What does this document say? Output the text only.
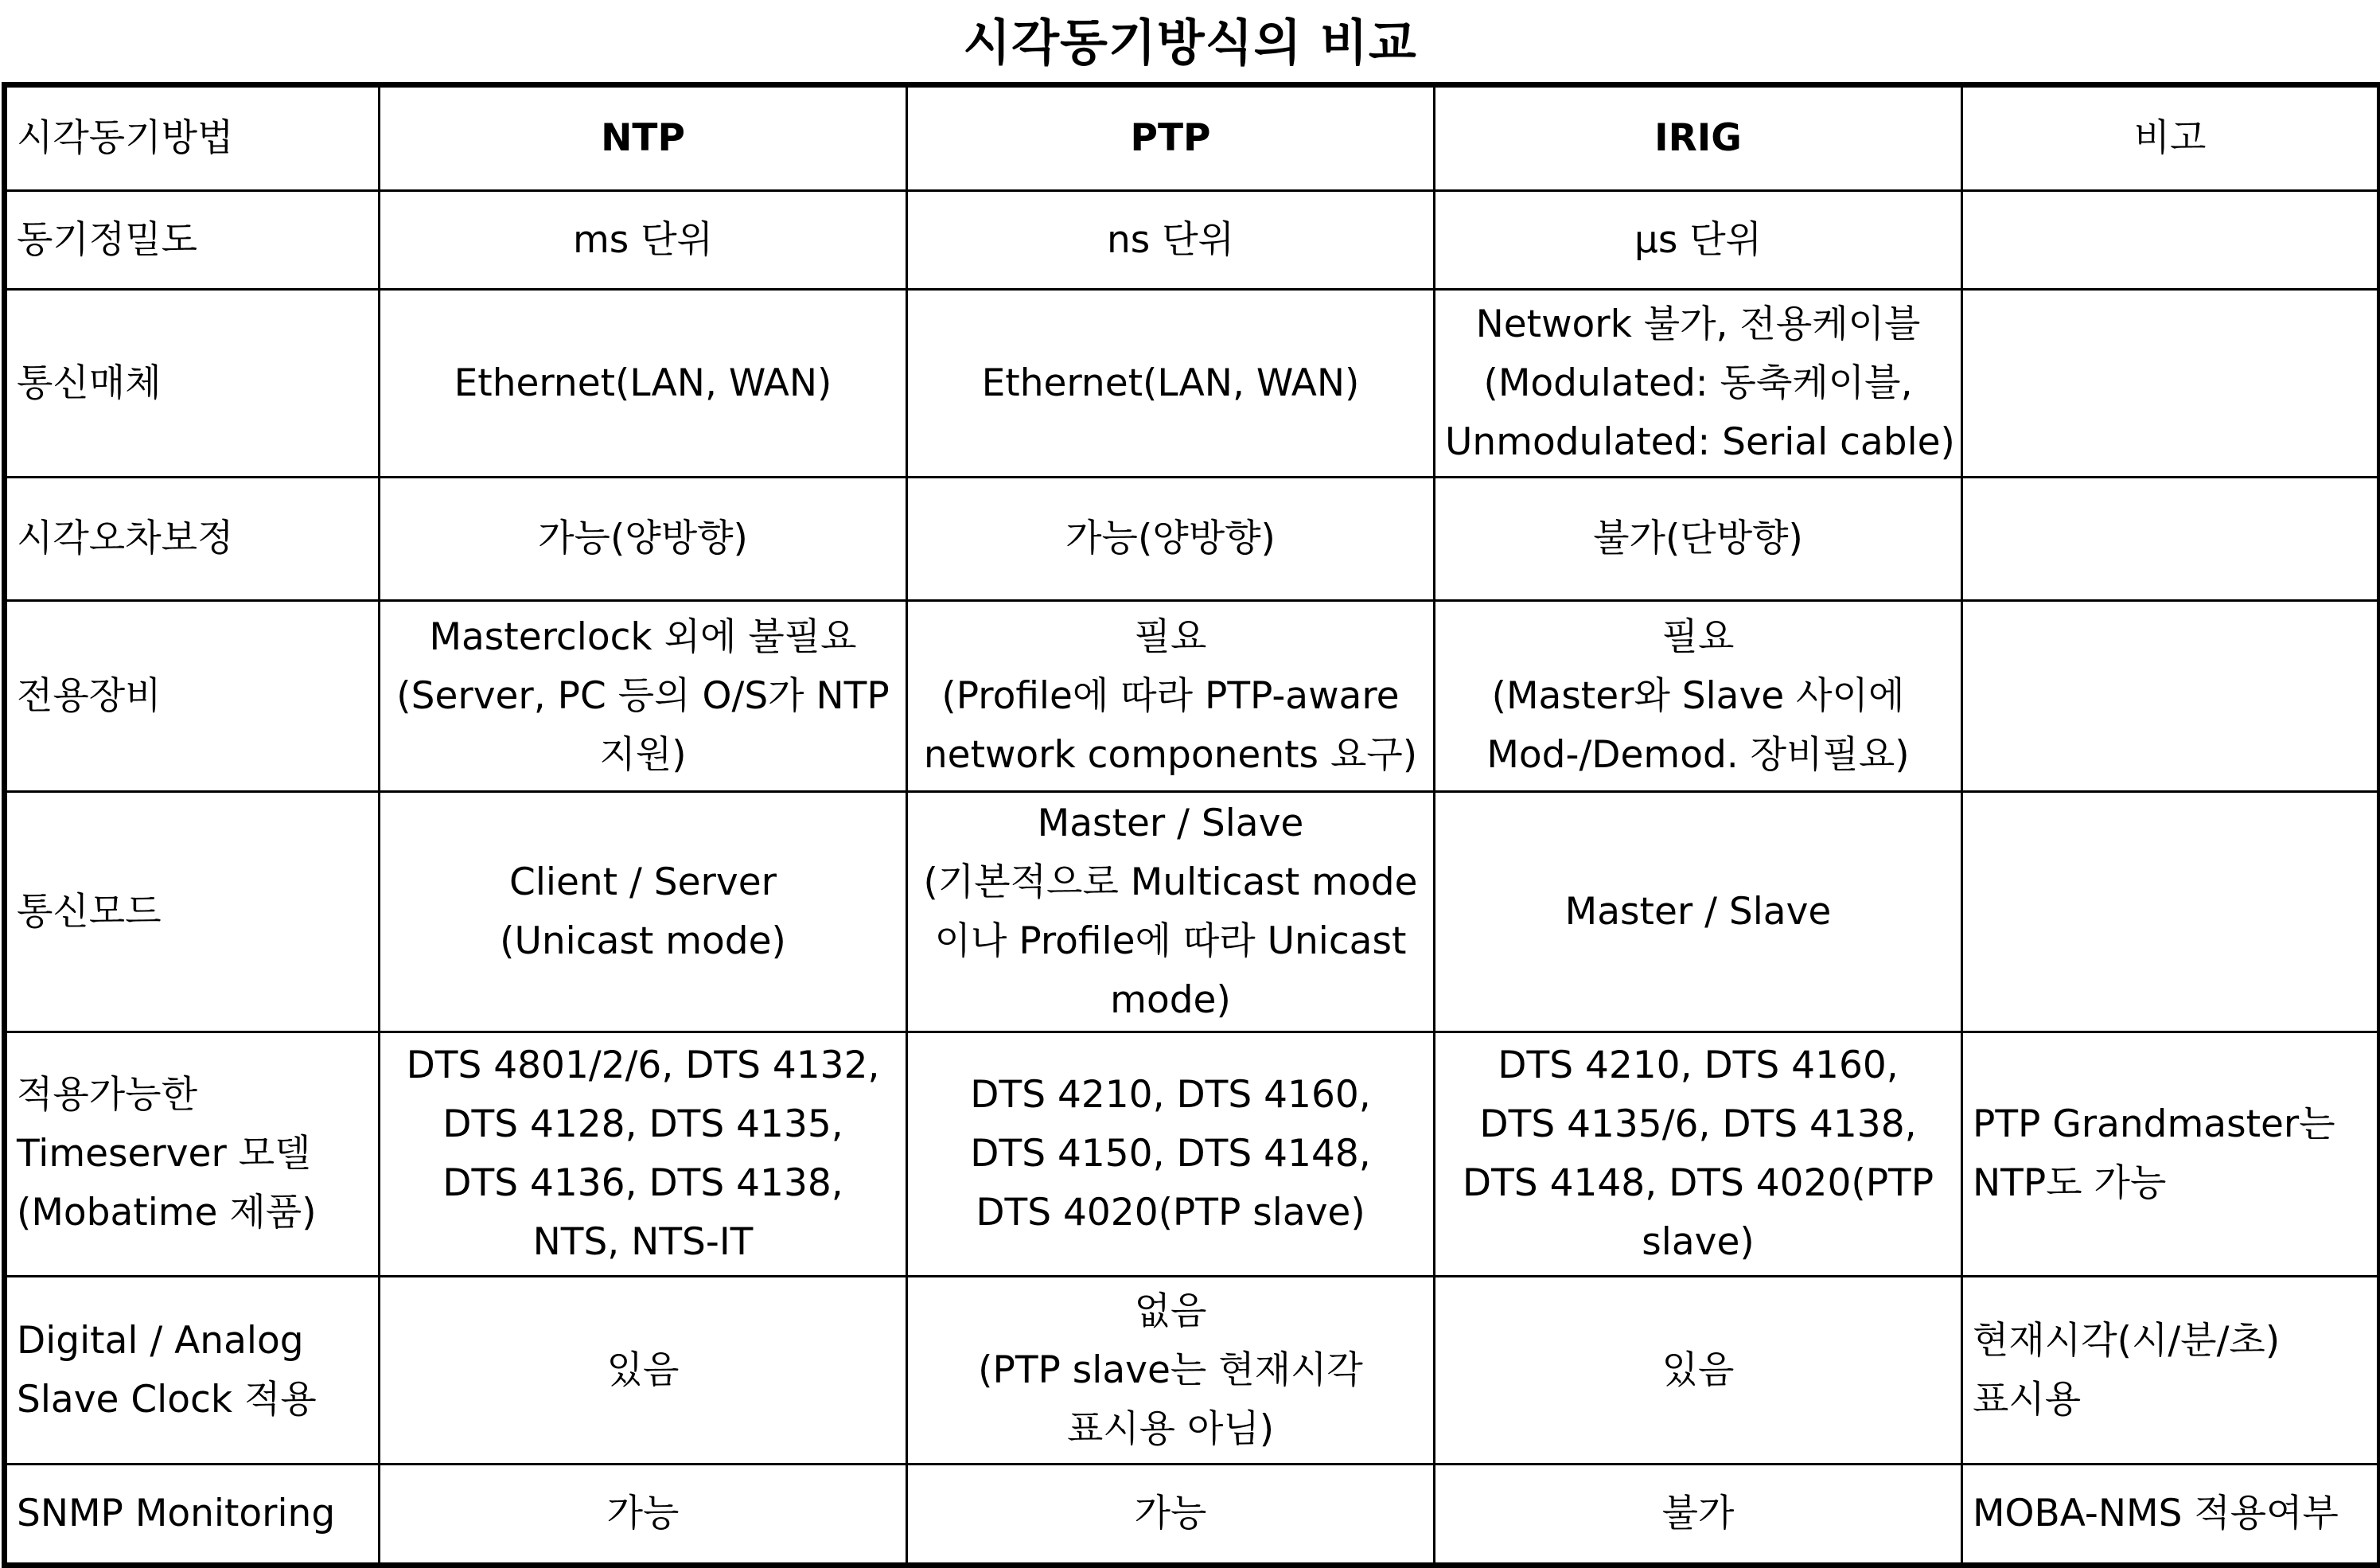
시각동기방식의 비교
시각동기방법	NTP	PTP	IRIG	비고

동기정밀도	ms 단위	ns 단위	µs 단위	

통신매체	Ethernet(LAN, WAN)	Ethernet(LAN, WAN)	Network 불가, 전용케이블
(Modulated: 동축케이블,
Unmodulated: Serial cable)	

시각오차보정	가능(양방향)	가능(양방향)	불가(단방향)	

전용장비	Masterclock 외에 불필요
(Server, PC 등의 O/S가 NTP
지원)	필요
(Profile에 따라 PTP-aware
network components 요구)	필요
(Master와 Slave 사이에
Mod-/Demod. 장비필요)	

통신모드	Client / Server
(Unicast mode)	Master / Slave
(기본적으로 Multicast mode
이나 Profile에 따라 Unicast
mode)	Master / Slave	

적용가능한
Timeserver 모델
(Mobatime 제품)	DTS 4801/2/6, DTS 4132,
DTS 4128, DTS 4135,
DTS 4136, DTS 4138,
NTS, NTS-IT	DTS 4210, DTS 4160,
DTS 4150, DTS 4148,
DTS 4020(PTP slave)	DTS 4210, DTS 4160,
DTS 4135/6, DTS 4138,
DTS 4148, DTS 4020(PTP
slave)	PTP Grandmaster는
NTP도 가능

Digital / Analog
Slave Clock 적용	있음	없음
(PTP slave는 현재시각
표시용 아님)	있음	현재시각(시/분/초)
표시용

SNMP Monitoring	가능	가능	불가	MOBA-NMS 적용여부
